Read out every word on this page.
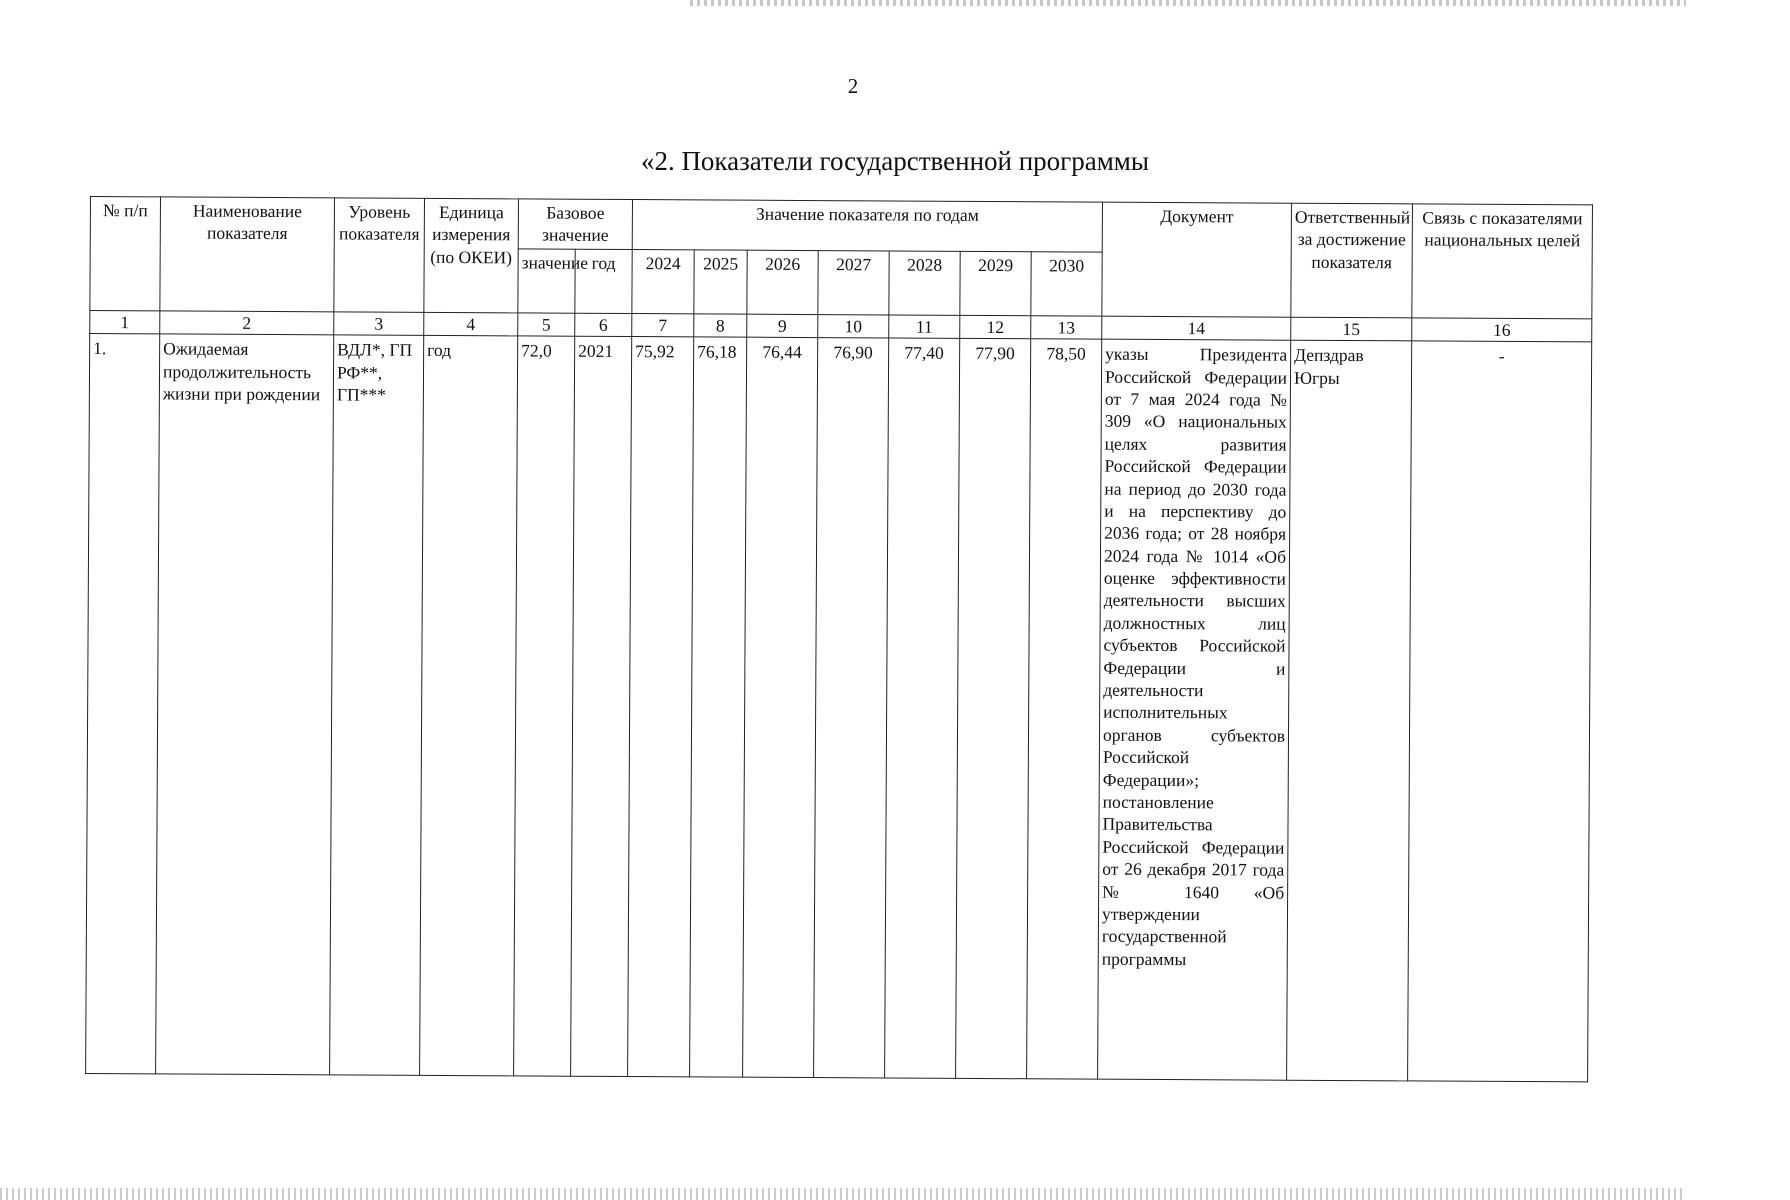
2
«2. Показатели государственной программы
№ п/п	Наименование показателя	Уровень показателя	Единица измерения (по ОКЕИ)	Базовое значение		Значение показателя по годам							Документ	Ответственный за достижение показателя	Связь с показателями национальных целей
				значение	год	2024	2025	2026	2027	2028	2029	2030			
1	2	3	4	5	6	7	8	9	10	11	12	13	14	15	16
1.	Ожидаемая продолжительность жизни при рождении	ВДЛ*, ГП РФ**, ГП***	год	72,0	2021	75,92	76,18	76,44	76,90	77,40	77,90	78,50	указы Президента Российской Федерации от 7 мая 2024 года № 309 «О национальных целях развития Российской Федерации на период до 2030 года и на перспективу до 2036 года; от 28 ноября 2024 года № 1014 «Об оценке эффективности деятельности высших должностных лиц субъектов Российской Федерации и деятельности исполнительных органов субъектов Российской Федерации»; постановление Правительства Российской Федерации от 26 декабря 2017 года № 1640 «Об утверждении государственной программы	Депздрав Югры	-
